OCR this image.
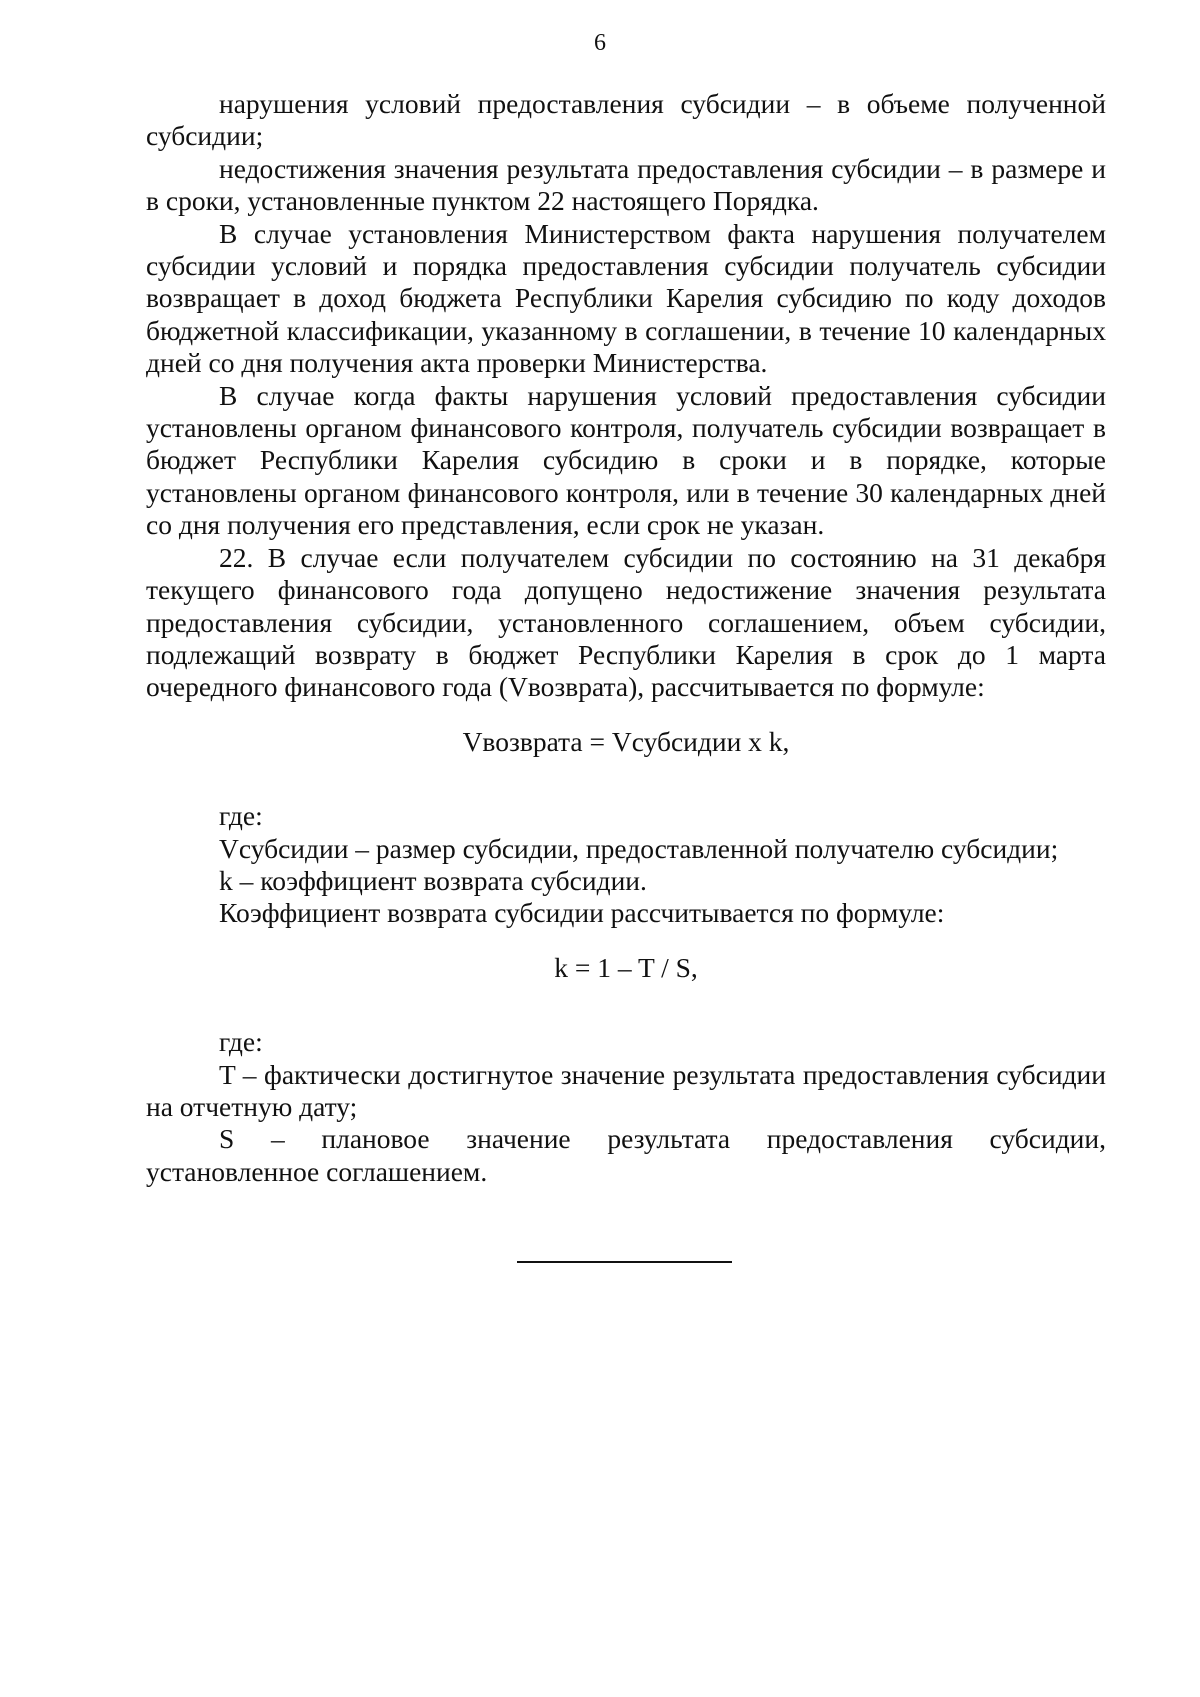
6

нарушения условий предоставления субсидии – в объеме полученной субсидии;

недостижения значения результата предоставления субсидии – в размере и в сроки, установленные пунктом 22 настоящего Порядка.

В случае установления Министерством факта нарушения получателем субсидии условий и порядка предоставления субсидии получатель субсидии возвращает в доход бюджета Республики Карелия субсидию по коду доходов бюджетной классификации, указанному в соглашении, в течение 10 календарных дней со дня получения акта проверки Министерства.

В случае когда факты нарушения условий предоставления субсидии установлены органом финансового контроля, получатель субсидии возвращает в бюджет Республики Карелия субсидию в сроки и в порядке, которые установлены органом финансового контроля, или в течение 30 календарных дней со дня получения его представления, если срок не указан.

22. В случае если получателем субсидии по состоянию на 31 декабря текущего финансового года допущено недостижение значения результата предоставления субсидии, установленного соглашением, объем субсидии, подлежащий возврату в бюджет Республики Карелия в срок до 1 марта очередного финансового года (Vвозврата), рассчитывается по формуле:

Vвозврата = Vсубсидии x k,

где:

Vсубсидии – размер субсидии, предоставленной получателю субсидии;

k – коэффициент возврата субсидии.

Коэффициент возврата субсидии рассчитывается по формуле:

k = 1 – T / S,

где:

T – фактически достигнутое значение результата предоставления субсидии на отчетную дату;

S – плановое значение результата предоставления субсидии, установленное соглашением.
